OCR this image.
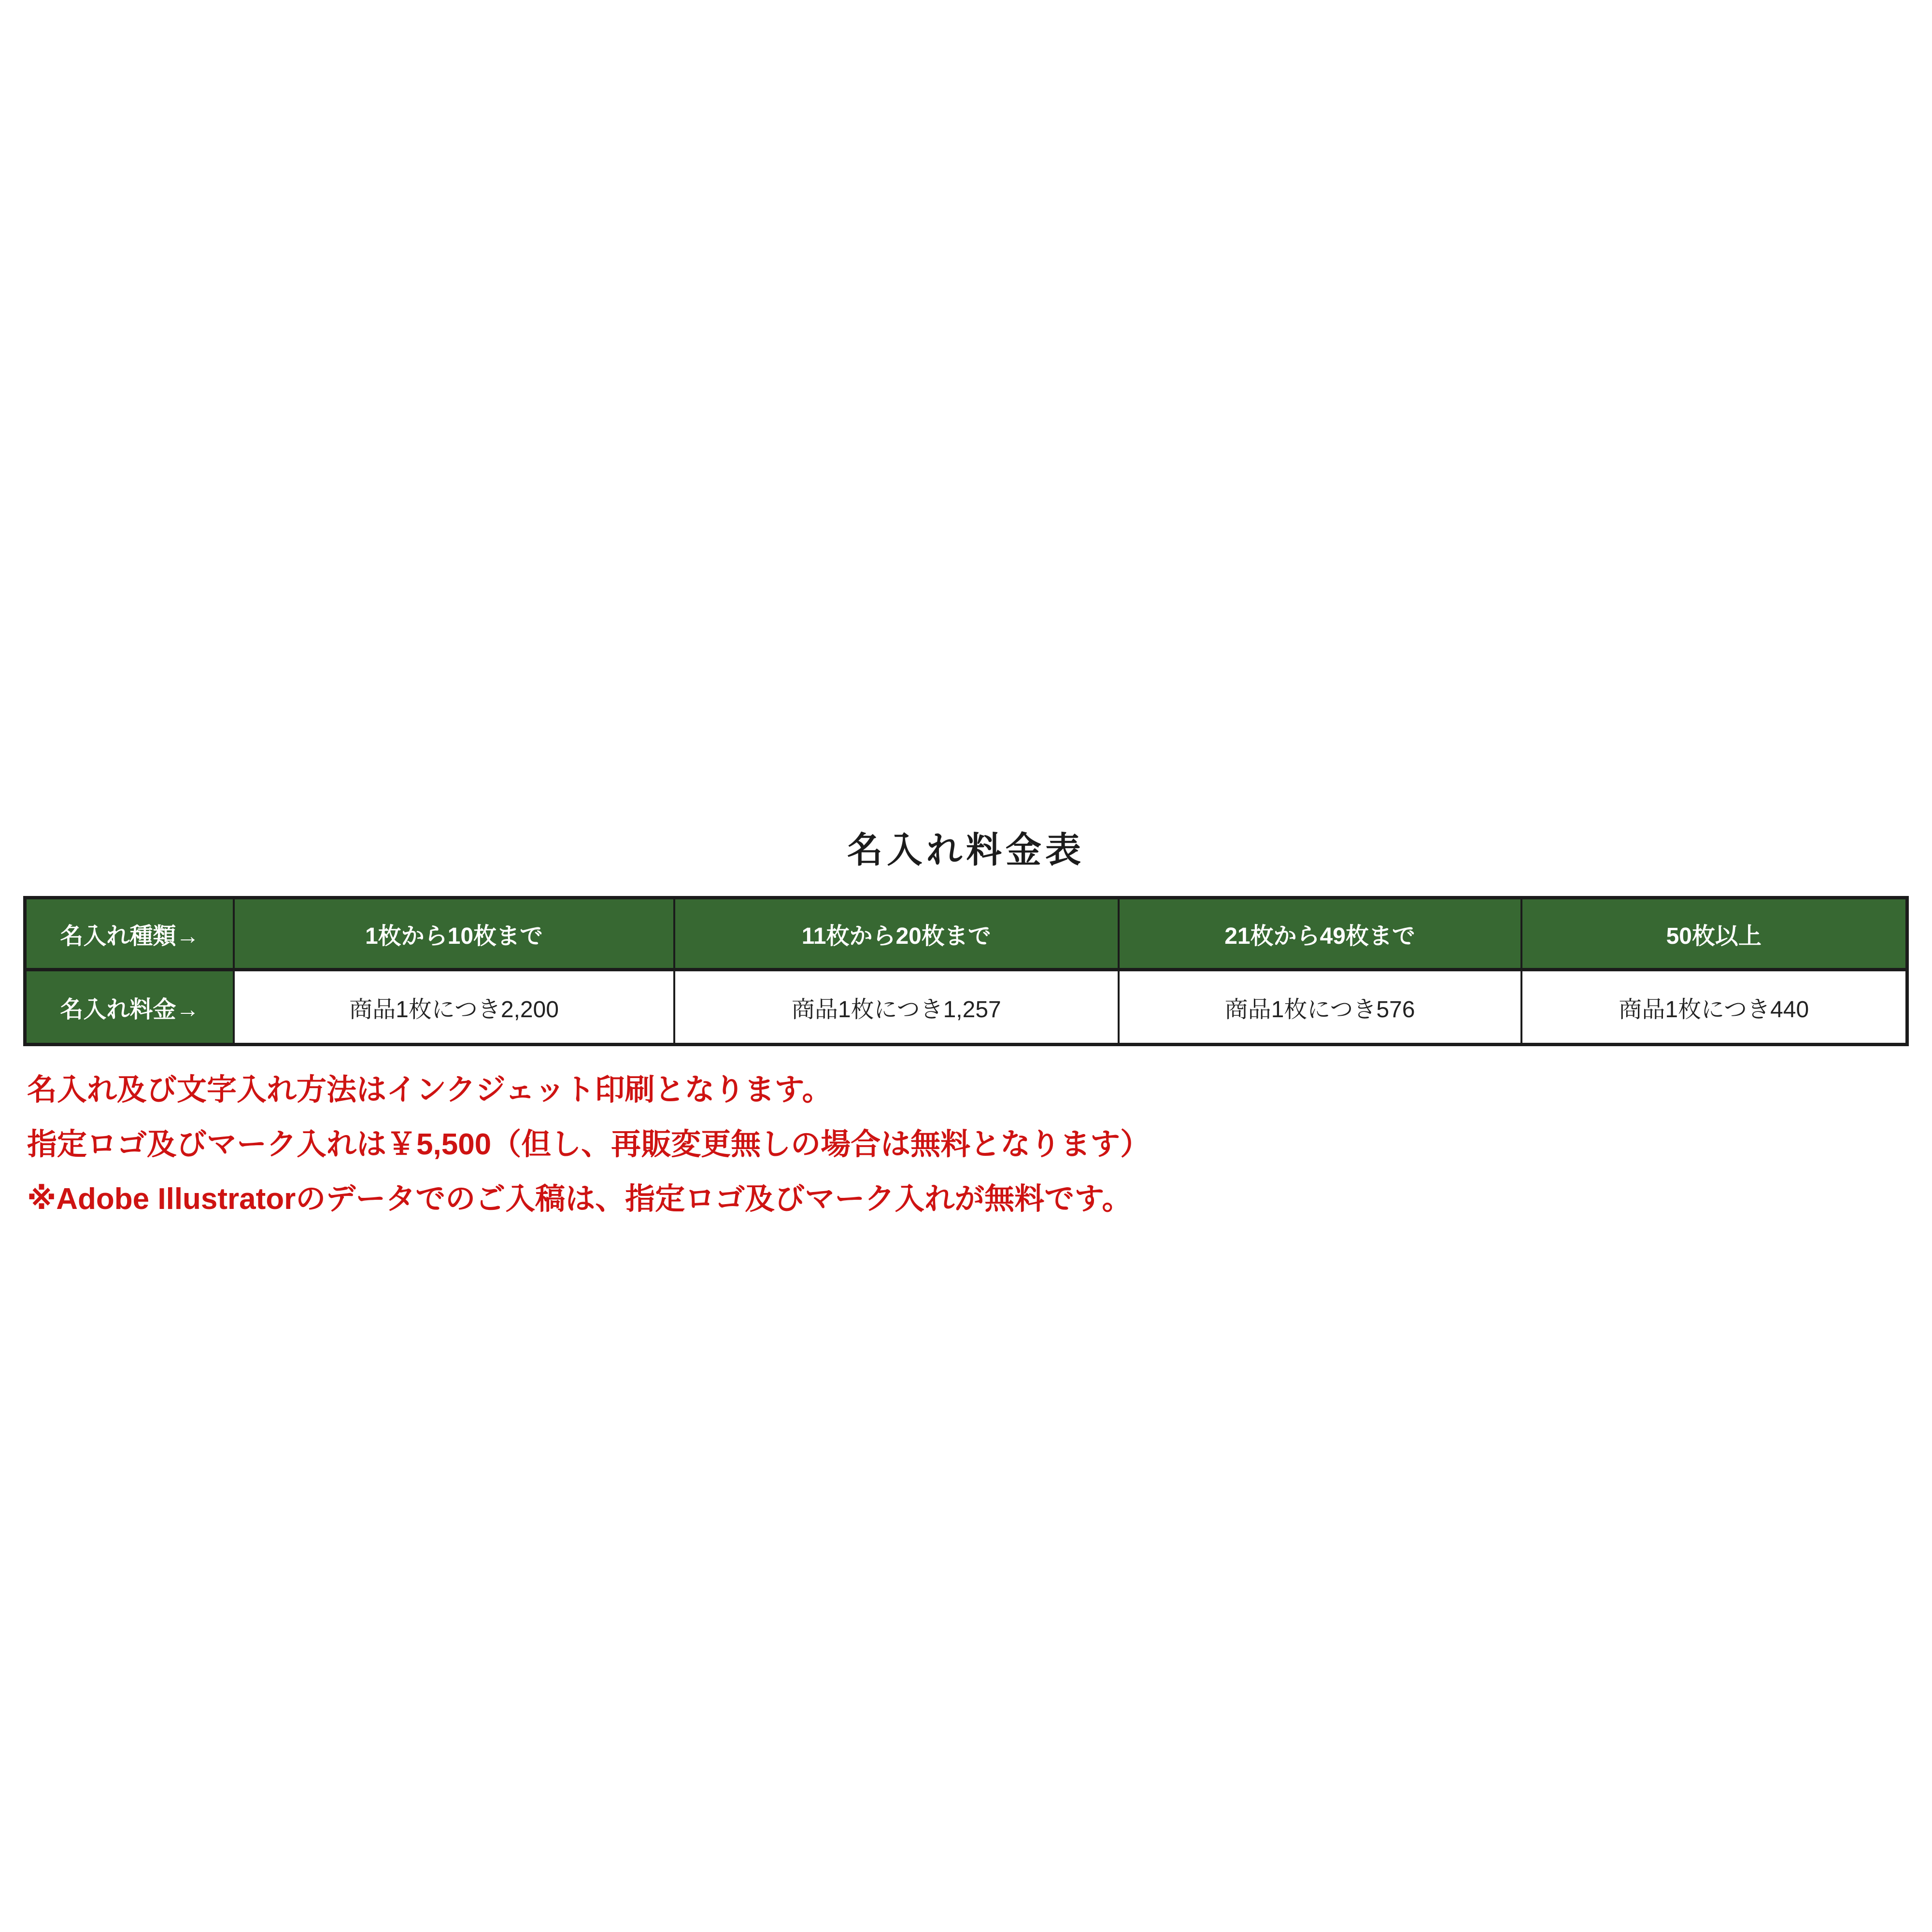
名入れ料金表
名入れ種類→	1枚から10枚まで	11枚から20枚まで	21枚から49枚まで	50枚以上
名入れ料金→	商品1枚につき2,200	商品1枚につき1,257	商品1枚につき576	商品1枚につき440

名入れ及び文字入れ方法はインクジェット印刷となります。

指定ロゴ及びマーク入れは￥5,500（但し、再販変更無しの場合は無料となります）

※Adobe Illustratorのデータでのご入稿は、指定ロゴ及びマーク入れが無料です。
